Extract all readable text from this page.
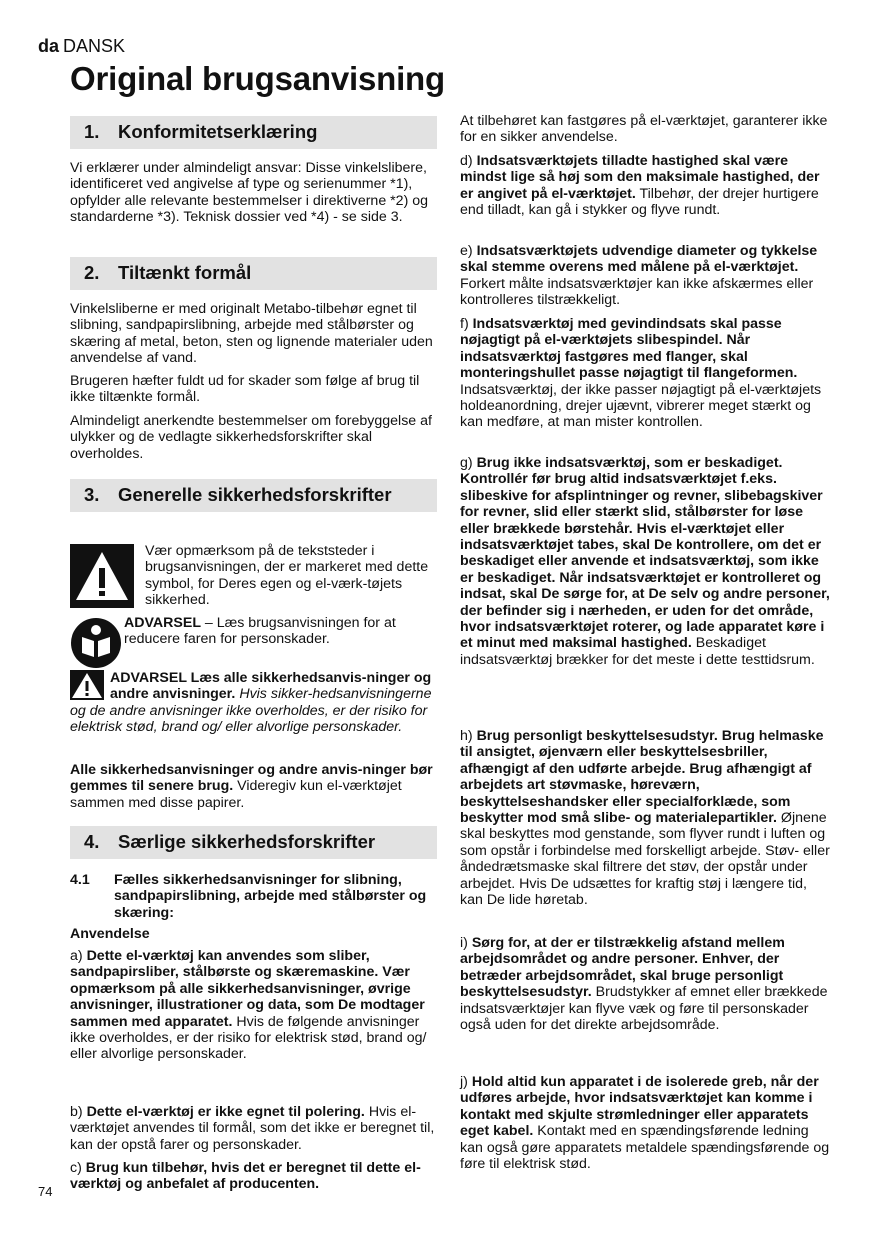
da DANSK
Original brugsanvisning
1. Konformitetserklæring

Vi erklærer under almindeligt ansvar: Disse vinkelslibere, identificeret ved angivelse af type og serienummer *1), opfylder alle relevante bestemmelser i direktiverne *2) og standarderne *3). Teknisk dossier ved *4) - se side 3.

2. Tiltænkt formål

Vinkelsliberne er med originalt Metabo-tilbehør egnet til slibning, sandpapirslibning, arbejde med stålbørster og skæring af metal, beton, sten og lignende materialer uden anvendelse af vand.

Brugeren hæfter fuldt ud for skader som følge af brug til ikke tiltænkte formål.

Almindeligt anerkendte bestemmelser om forebyggelse af ulykker og de vedlagte sikkerhedsforskrifter skal overholdes.

3. Generelle sikkerhedsforskrifter

Vær opmærksom på de tekststeder i brugsanvisningen, der er markeret med dette symbol, for Deres egen og el-værk-tøjets sikkerhed.

ADVARSEL – Læs brugsanvisningen for at reducere faren for personskader.

ADVARSEL Læs alle sikkerhedsanvis-ninger og andre anvisninger. Hvis sikker-hedsanvisningerne og de andre anvisninger ikke overholdes, er der risiko for elektrisk stød, brand og/ eller alvorlige personskader.

Alle sikkerhedsanvisninger og andre anvis-ninger bør gemmes til senere brug. Videregiv kun el-værktøjet sammen med disse papirer.

4. Særlige sikkerhedsforskrifter
4.1 Fælles sikkerhedsanvisninger for slibning, sandpapirslibning, arbejde med stålbørster og skæring:

Anvendelse

a) Dette el-værktøj kan anvendes som sliber, sandpapirsliber, stålbørste og skæremaskine. Vær opmærksom på alle sikkerhedsanvisninger, øvrige anvisninger, illustrationer og data, som De modtager sammen med apparatet. Hvis de følgende anvisninger ikke overholdes, er der risiko for elektrisk stød, brand og/ eller alvorlige personskader.

b) Dette el-værktøj er ikke egnet til polering. Hvis el-værktøjet anvendes til formål, som det ikke er beregnet til, kan der opstå farer og personskader.

c) Brug kun tilbehør, hvis det er beregnet til dette el-værktøj og anbefalet af producenten.

At tilbehøret kan fastgøres på el-værktøjet, garanterer ikke for en sikker anvendelse.

d) Indsatsværktøjets tilladte hastighed skal være mindst lige så høj som den maksimale hastighed, der er angivet på el-værktøjet. Tilbehør, der drejer hurtigere end tilladt, kan gå i stykker og flyve rundt.

e) Indsatsværktøjets udvendige diameter og tykkelse skal stemme overens med målene på el-værktøjet. Forkert målte indsatsværktøjer kan ikke afskærmes eller kontrolleres tilstrækkeligt.

f) Indsatsværktøj med gevindindsats skal passe nøjagtigt på el-værktøjets slibespindel. Når indsatsværktøj fastgøres med flanger, skal monteringshullet passe nøjagtigt til flangeformen. Indsatsværktøj, der ikke passer nøjagtigt på el-værktøjets holdeanordning, drejer ujævnt, vibrerer meget stærkt og kan medføre, at man mister kontrollen.

g) Brug ikke indsatsværktøj, som er beskadiget. Kontrollér før brug altid indsatsværktøjet f.eks. slibeskive for afsplintninger og revner, slibebagskiver for revner, slid eller stærkt slid, stålbørster for løse eller brækkede børstehår. Hvis el-værktøjet eller indsatsværktøjet tabes, skal De kontrollere, om det er beskadiget eller anvende et indsatsværktøj, som ikke er beskadiget. Når indsatsværktøjet er kontrolleret og indsat, skal De sørge for, at De selv og andre personer, der befinder sig i nærheden, er uden for det område, hvor indsatsværktøjet roterer, og lade apparatet køre i et minut med maksimal hastighed. Beskadiget indsatsværktøj brækker for det meste i dette testtidsrum.

h) Brug personligt beskyttelsesudstyr. Brug helmaske til ansigtet, øjenværn eller beskyttelsesbriller, afhængigt af den udførte arbejde. Brug afhængigt af arbejdets art støvmaske, høreværn, beskyttelseshandsker eller specialforklæde, som beskytter mod små slibe- og materialepartikler. Øjnene skal beskyttes mod genstande, som flyver rundt i luften og som opstår i forbindelse med forskelligt arbejde. Støv- eller åndedrætsmaske skal filtrere det støv, der opstår under arbejdet. Hvis De udsættes for kraftig støj i længere tid, kan De lide høretab.

i) Sørg for, at der er tilstrækkelig afstand mellem arbejdsområdet og andre personer. Enhver, der betræder arbejdsområdet, skal bruge personligt beskyttelsesudstyr. Brudstykker af emnet eller brækkede indsatsværktøjer kan flyve væk og føre til personskader også uden for det direkte arbejdsområde.

j) Hold altid kun apparatet i de isolerede greb, når der udføres arbejde, hvor indsatsværktøjet kan komme i kontakt med skjulte strømledninger eller apparatets eget kabel. Kontakt med en spændingsførende ledning kan også gøre apparatets metaldele spændingsførende og føre til elektrisk stød.

74
